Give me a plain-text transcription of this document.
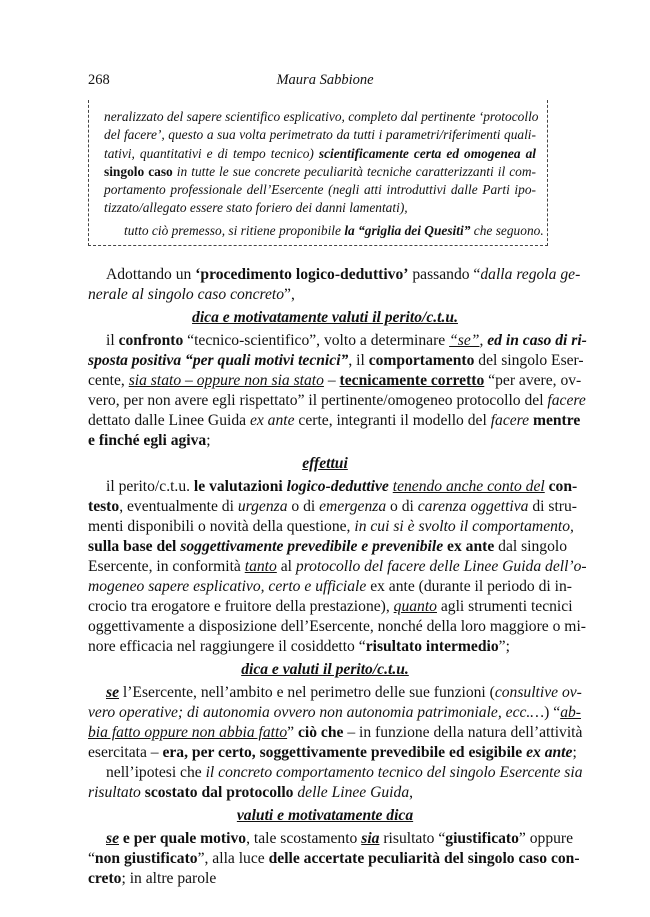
268	Maura Sabbione
neralizzato del sapere scientifico esplicativo, completo dal pertinente ‘protocollo
del facere’, questo a sua volta perimetrato da tutti i parametri/riferimenti quali-
tativi, quantitativi e di tempo tecnico) scientificamente certa ed omogenea al
singolo caso in tutte le sue concrete peculiarità tecniche caratterizzanti il com-
portamento professionale dell’Esercente (negli atti introduttivi dalle Parti ipo-
tizzato/allegato essere stato foriero dei danni lamentati),
tutto ciò premesso, si ritiene proponibile la “griglia dei Quesiti” che seguono.
Adottando un ‘procedimento logico-deduttivo’ passando “dalla regola ge-
nerale al singolo caso concreto”,
dica e motivatamente valuti il perito/c.t.u.
il confronto “tecnico-scientifico”, volto a determinare “se”, ed in caso di ri-
sposta positiva “per quali motivi tecnici”, il comportamento del singolo Eser-
cente, sia stato – oppure non sia stato – tecnicamente corretto “per avere, ov-
vero, per non avere egli rispettato” il pertinente/omogeneo protocollo del facere
dettato dalle Linee Guida ex ante certe, integranti il modello del facere mentre
e finché egli agiva;
effettui
il perito/c.t.u. le valutazioni logico-deduttive tenendo anche conto del con-
testo, eventualmente di urgenza o di emergenza o di carenza oggettiva di stru-
menti disponibili o novità della questione, in cui si è svolto il comportamento,
sulla base del soggettivamente prevedibile e prevenibile ex ante dal singolo
Esercente, in conformità tanto al protocollo del facere delle Linee Guida dell’o-
mogeneo sapere esplicativo, certo e ufficiale ex ante (durante il periodo di in-
crocio tra erogatore e fruitore della prestazione), quanto agli strumenti tecnici
oggettivamente a disposizione dell’Esercente, nonché della loro maggiore o mi-
nore efficacia nel raggiungere il cosiddetto “risultato intermedio”;
dica e valuti il perito/c.t.u.
se l’Esercente, nell’ambito e nel perimetro delle sue funzioni (consultive ov-
vero operative; di autonomia ovvero non autonomia patrimoniale, ecc.…) “ab-
bia fatto oppure non abbia fatto” ciò che – in funzione della natura dell’attività
esercitata – era, per certo, soggettivamente prevedibile ed esigibile ex ante;
nell’ipotesi che il concreto comportamento tecnico del singolo Esercente sia
risultato scostato dal protocollo delle Linee Guida,
valuti e motivatamente dica
se e per quale motivo, tale scostamento sia risultato “giustificato” oppure
“non giustificato”, alla luce delle accertate peculiarità del singolo caso con-
creto; in altre parole
